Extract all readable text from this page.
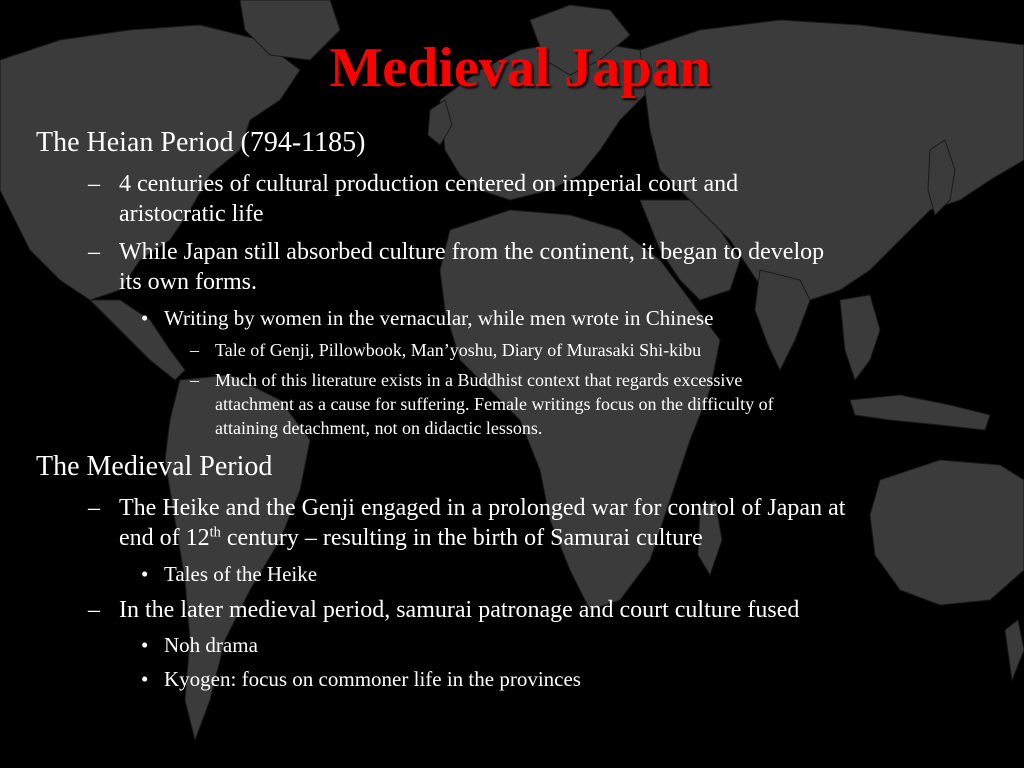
Medieval Japan
The Heian Period (794-1185)
– 4 centuries of cultural production centered on imperial court and
aristocratic life
– While Japan still absorbed culture from the continent, it began to develop
its own forms.
• Writing by women in the vernacular, while men wrote in Chinese
– Tale of Genji, Pillowbook, Man’yoshu, Diary of Murasaki Shi-kibu
– Much of this literature exists in a Buddhist context that regards excessive
attachment as a cause for suffering. Female writings focus on the difficulty of
attaining detachment, not on didactic lessons.
The Medieval Period
– The Heike and the Genji engaged in a prolonged war for control of Japan at
end of 12th century – resulting in the birth of Samurai culture
• Tales of the Heike
– In the later medieval period, samurai patronage and court culture fused
• Noh drama
• Kyogen: focus on commoner life in the provinces
